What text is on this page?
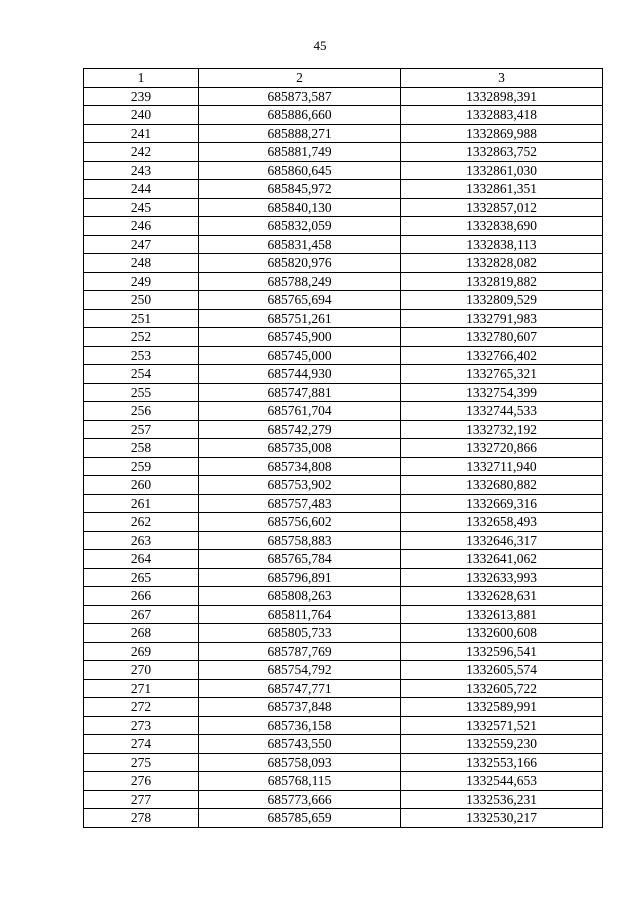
45
1	2	3
239	685873,587	1332898,391
240	685886,660	1332883,418
241	685888,271	1332869,988
242	685881,749	1332863,752
243	685860,645	1332861,030
244	685845,972	1332861,351
245	685840,130	1332857,012
246	685832,059	1332838,690
247	685831,458	1332838,113
248	685820,976	1332828,082
249	685788,249	1332819,882
250	685765,694	1332809,529
251	685751,261	1332791,983
252	685745,900	1332780,607
253	685745,000	1332766,402
254	685744,930	1332765,321
255	685747,881	1332754,399
256	685761,704	1332744,533
257	685742,279	1332732,192
258	685735,008	1332720,866
259	685734,808	1332711,940
260	685753,902	1332680,882
261	685757,483	1332669,316
262	685756,602	1332658,493
263	685758,883	1332646,317
264	685765,784	1332641,062
265	685796,891	1332633,993
266	685808,263	1332628,631
267	685811,764	1332613,881
268	685805,733	1332600,608
269	685787,769	1332596,541
270	685754,792	1332605,574
271	685747,771	1332605,722
272	685737,848	1332589,991
273	685736,158	1332571,521
274	685743,550	1332559,230
275	685758,093	1332553,166
276	685768,115	1332544,653
277	685773,666	1332536,231
278	685785,659	1332530,217
